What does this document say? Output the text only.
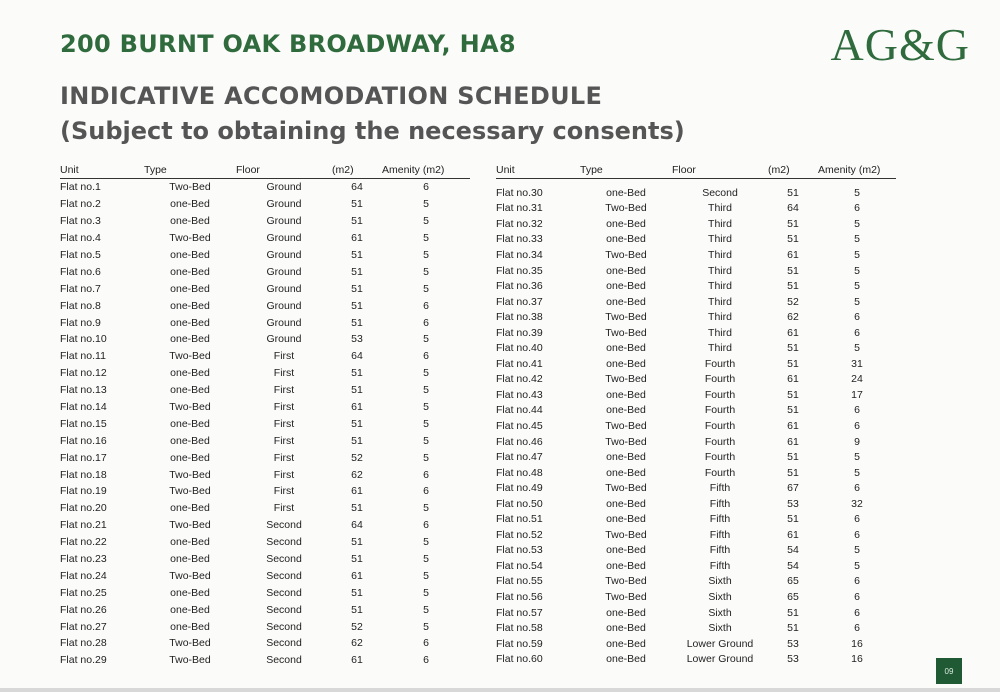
200 BURNT OAK BROADWAY, HA8
INDICATIVE ACCOMODATION SCHEDULE
(Subject to obtaining the necessary consents)
AG&G
Unit	Type	Floor	(m2)	Amenity (m2)
Flat no.1	Two-Bed	Ground	64	6
Flat no.2	one-Bed	Ground	51	5
Flat no.3	one-Bed	Ground	51	5
Flat no.4	Two-Bed	Ground	61	5
Flat no.5	one-Bed	Ground	51	5
Flat no.6	one-Bed	Ground	51	5
Flat no.7	one-Bed	Ground	51	5
Flat no.8	one-Bed	Ground	51	6
Flat no.9	one-Bed	Ground	51	6
Flat no.10	one-Bed	Ground	53	5
Flat no.11	Two-Bed	First	64	6
Flat no.12	one-Bed	First	51	5
Flat no.13	one-Bed	First	51	5
Flat no.14	Two-Bed	First	61	5
Flat no.15	one-Bed	First	51	5
Flat no.16	one-Bed	First	51	5
Flat no.17	one-Bed	First	52	5
Flat no.18	Two-Bed	First	62	6
Flat no.19	Two-Bed	First	61	6
Flat no.20	one-Bed	First	51	5
Flat no.21	Two-Bed	Second	64	6
Flat no.22	one-Bed	Second	51	5
Flat no.23	one-Bed	Second	51	5
Flat no.24	Two-Bed	Second	61	5
Flat no.25	one-Bed	Second	51	5
Flat no.26	one-Bed	Second	51	5
Flat no.27	one-Bed	Second	52	5
Flat no.28	Two-Bed	Second	62	6
Flat no.29	Two-Bed	Second	61	6
Unit	Type	Floor	(m2)	Amenity (m2)
Flat no.30	one-Bed	Second	51	5
Flat no.31	Two-Bed	Third	64	6
Flat no.32	one-Bed	Third	51	5
Flat no.33	one-Bed	Third	51	5
Flat no.34	Two-Bed	Third	61	5
Flat no.35	one-Bed	Third	51	5
Flat no.36	one-Bed	Third	51	5
Flat no.37	one-Bed	Third	52	5
Flat no.38	Two-Bed	Third	62	6
Flat no.39	Two-Bed	Third	61	6
Flat no.40	one-Bed	Third	51	5
Flat no.41	one-Bed	Fourth	51	31
Flat no.42	Two-Bed	Fourth	61	24
Flat no.43	one-Bed	Fourth	51	17
Flat no.44	one-Bed	Fourth	51	6
Flat no.45	Two-Bed	Fourth	61	6
Flat no.46	Two-Bed	Fourth	61	9
Flat no.47	one-Bed	Fourth	51	5
Flat no.48	one-Bed	Fourth	51	5
Flat no.49	Two-Bed	Fifth	67	6
Flat no.50	one-Bed	Fifth	53	32
Flat no.51	one-Bed	Fifth	51	6
Flat no.52	Two-Bed	Fifth	61	6
Flat no.53	one-Bed	Fifth	54	5
Flat no.54	one-Bed	Fifth	54	5
Flat no.55	Two-Bed	Sixth	65	6
Flat no.56	Two-Bed	Sixth	65	6
Flat no.57	one-Bed	Sixth	51	6
Flat no.58	one-Bed	Sixth	51	6
Flat no.59	one-Bed	Lower Ground	53	16
Flat no.60	one-Bed	Lower Ground	53	16
09
